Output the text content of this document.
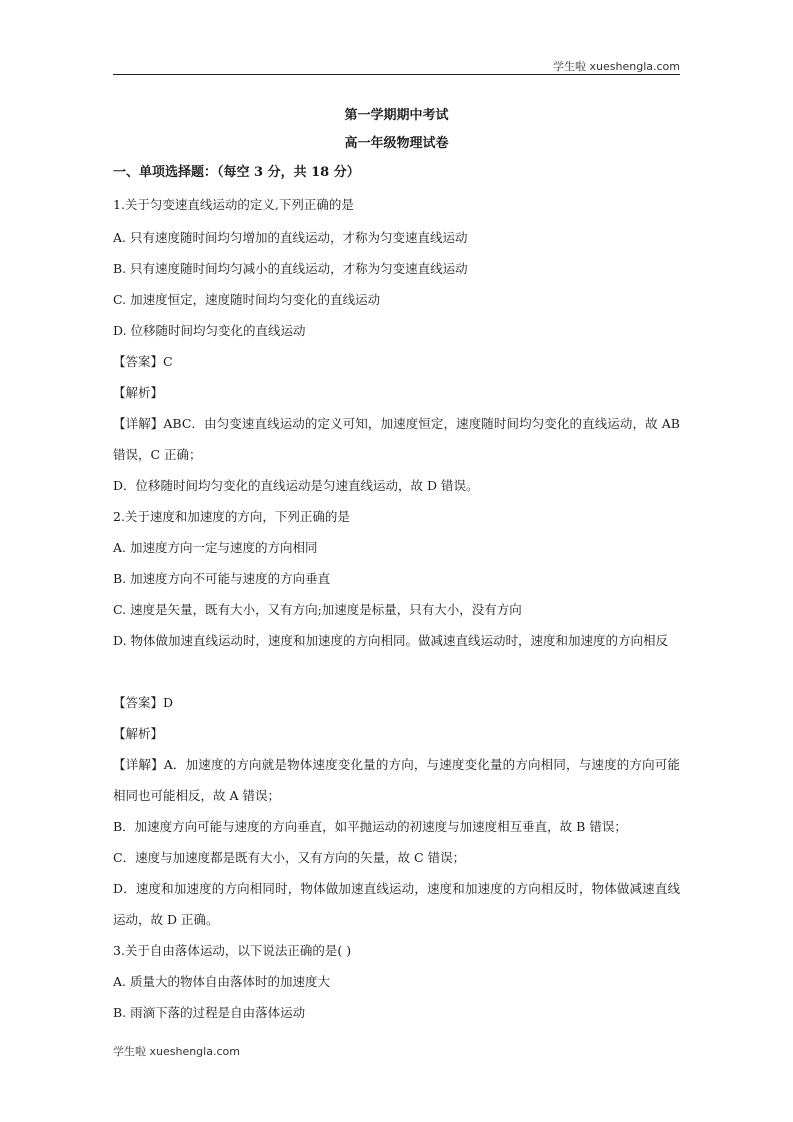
学生啦 xueshengla.com
第一学期期中考试
高一年级物理试卷
一、单项选择题：（每空 3 分，共 18 分）
1.关于匀变速直线运动的定义,下列正确的是
A. 只有速度随时间均匀增加的直线运动，才称为匀变速直线运动
B. 只有速度随时间均匀减小的直线运动，才称为匀变速直线运动
C. 加速度恒定，速度随时间均匀变化的直线运动
D. 位移随时间均匀变化的直线运动
【答案】C
【解析】
【详解】ABC．由匀变速直线运动的定义可知，加速度恒定，速度随时间均匀变化的直线运动，故 AB 错误，C 正确；
D．位移随时间均匀变化的直线运动是匀速直线运动，故 D 错误。
2.关于速度和加速度的方向，下列正确的是
A. 加速度方向一定与速度的方向相同
B. 加速度方向不可能与速度的方向垂直
C. 速度是矢量，既有大小，又有方向;加速度是标量，只有大小，没有方向
D. 物体做加速直线运动时，速度和加速度的方向相同。做减速直线运动时，速度和加速度的方向相反
【答案】D
【解析】
【详解】A．加速度的方向就是物体速度变化量的方向，与速度变化量的方向相同，与速度的方向可能相同也可能相反，故 A 错误；
B．加速度方向可能与速度的方向垂直，如平抛运动的初速度与加速度相互垂直，故 B 错误；
C．速度与加速度都是既有大小，又有方向的矢量，故 C 错误；
D．速度和加速度的方向相同时，物体做加速直线运动，速度和加速度的方向相反时，物体做减速直线运动，故 D 正确。
3.关于自由落体运动，以下说法正确的是( )
A. 质量大的物体自由落体时的加速度大
B. 雨滴下落的过程是自由落体运动
学生啦 xueshengla.com
